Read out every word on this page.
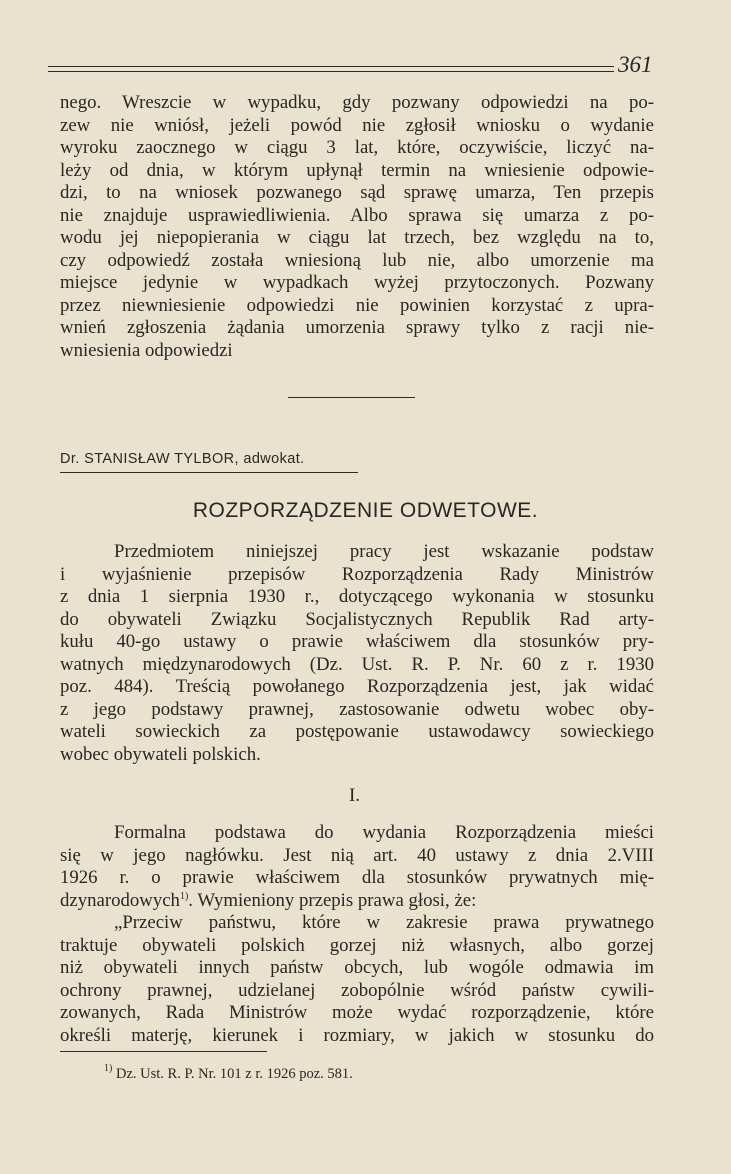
361

nego. Wreszcie w wypadku, gdy pozwany odpowiedzi na po-
zew nie wniósł, jeżeli powód nie zgłosił wniosku o wydanie
wyroku zaocznego w ciągu 3 lat, które, oczywiście, liczyć na-
leży od dnia, w którym upłynął termin na wniesienie odpowie-
dzi, to na wniosek pozwanego sąd sprawę umarza, Ten przepis
nie znajduje usprawiedliwienia. Albo sprawa się umarza z po-
wodu jej niepopierania w ciągu lat trzech, bez względu na to,
czy odpowiedź została wniesioną lub nie, albo umorzenie ma
miejsce jedynie w wypadkach wyżej przytoczonych. Pozwany
przez niewniesienie odpowiedzi nie powinien korzystać z upra-
wnień zgłoszenia żądania umorzenia sprawy tylko z racji nie-
wniesienia odpowiedzi

Dr. STANISŁAW TYLBOR, adwokat.

ROZPORZĄDZENIE ODWETOWE.

Przedmiotem niniejszej pracy jest wskazanie podstaw
i wyjaśnienie przepisów Rozporządzenia Rady Ministrów
z dnia 1 sierpnia 1930 r., dotyczącego wykonania w stosunku
do obywateli Związku Socjalistycznych Republik Rad arty-
kułu 40-go ustawy o prawie właściwem dla stosunków pry-
watnych międzynarodowych (Dz. Ust. R. P. Nr. 60 z r. 1930
poz. 484). Treścią powołanego Rozporządzenia jest, jak widać
z jego podstawy prawnej, zastosowanie odwetu wobec oby-
wateli sowieckich za postępowanie ustawodawcy sowieckiego
wobec obywateli polskich.

I.

Formalna podstawa do wydania Rozporządzenia mieści
się w jego nagłówku. Jest nią art. 40 ustawy z dnia 2.VIII
1926 r. o prawie właściwem dla stosunków prywatnych mię-
dzynarodowych$^{1)}$. Wymieniony przepis prawa głosi, że:
„Przeciw państwu, które w zakresie prawa prywatnego
traktuje obywateli polskich gorzej niż własnych, albo gorzej
niż obywateli innych państw obcych, lub wogóle odmawia im
ochrony prawnej, udzielanej zobopólnie wśród państw cywili-
zowanych, Rada Ministrów może wydać rozporządzenie, które
określi materję, kierunek i rozmiary, w jakich w stosunku do

$^{1)}$ Dz. Ust. R. P. Nr. 101 z r. 1926 poz. 581.
